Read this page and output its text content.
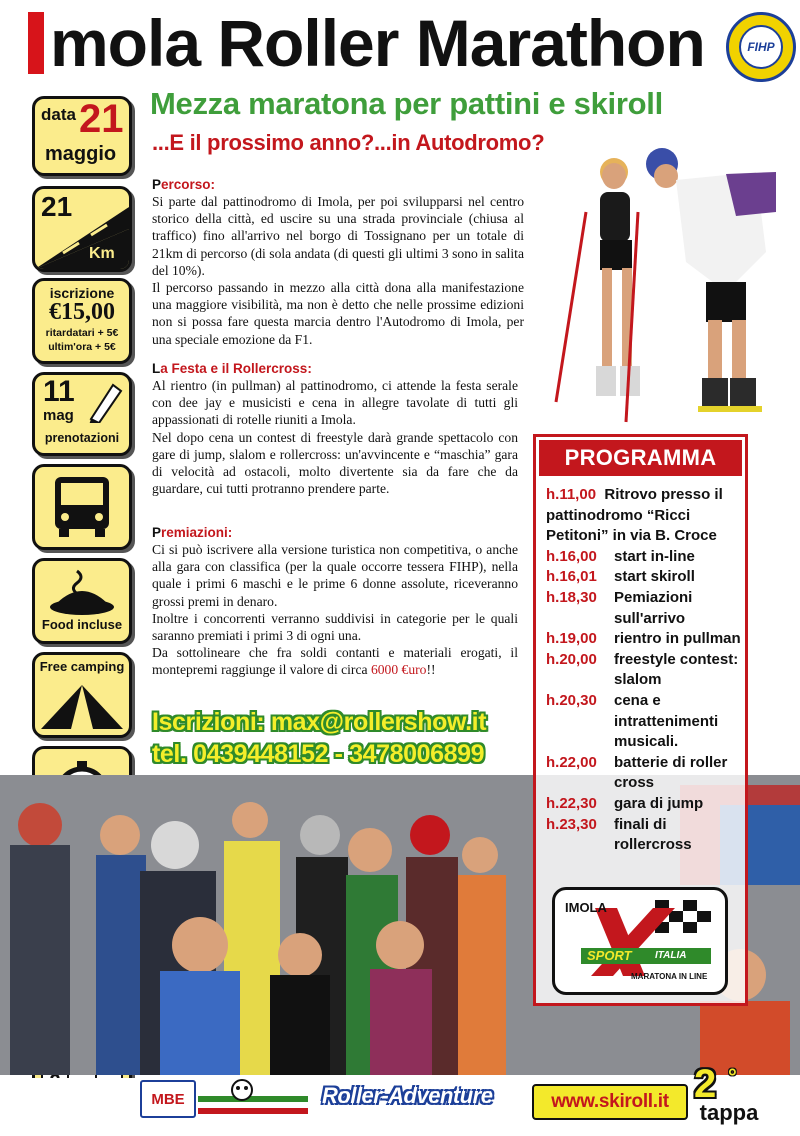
mola Roller Marathon	FIHP
Mezza maratona per pattini e skiroll
...E il prossimo anno?...in Autodromo?
data 21
maggio
21
Km
iscrizione
€15,00
ritardatari + 5€
ultim'ora + 5€
11
mag
prenotazioni
Food incluse
Free camping
Percorso:

Si parte dal pattinodromo di Imola, per poi svilupparsi nel centro storico della città, ed uscire su una strada provinciale (chiusa al traffico) fino all'arrivo nel borgo di Tossignano per un totale di 21km di percorso (di sola andata (di questi gli ultimi 3 sono in salita del 10%).

Il percorso passando in mezzo alla città dona alla manifestazione una maggiore visibilità, ma non è detto che nelle prossime edizioni non si possa fare questa marcia dentro l'Autodromo di Imola, per una speciale emozione da F1.

La Festa e il Rollercross:

Al rientro (in pullman) al pattinodromo, ci attende la festa serale con dee jay e musicisti e cena in allegre tavolate di tutti gli appassionati di rotelle riuniti a Imola.

Nel dopo cena un contest di freestyle darà grande spettacolo con gare di jump, slalom e rollercross: un'avvincente e “maschia” gara di velocità ad ostacoli, molto divertente sia da fare che da guardare, cui tutti protranno prendere parte.

Premiazioni:

Ci si può iscrivere alla versione turistica non competitiva, o anche alla gara con classifica (per la quale occorre tessera FIHP), nella quale i primi 6 maschi e le prime 6 donne assolute, riceveranno grossi premi in denaro.

Inoltre i concorrenti verranno suddivisi in categorie per le quali saranno premiati i primi 3 di ogni una.

Da sottolineare che fra soldi contanti e materiali erogati, il montepremi raggiunge il valore di circa 6000 €uro!!

Iscrizioni: max@rollershow.it
tel. 0439448152 - 3478006899
PROGRAMMA
h.11,00 Ritrovo presso il pattinodromo “Ricci Petitoni” in via B. Croce
h.16,00	start in-line
h.16,01	start skiroll
h.18,30	Pemiazioni sull'arrivo
h.19,00	rientro in pullman
h.20,00	freestyle contest: slalom
h.20,30	cena e intrattenimenti musicali.
h.22,00	batterie di roller cross
h.22,30	gara di jump
h.23,30	finali di rollercross
IMOLA
SPORT ITALIA
MARATONA IN LINE
MBE	Roller-Adventure	www.skiroll.it 2 °
tappa
